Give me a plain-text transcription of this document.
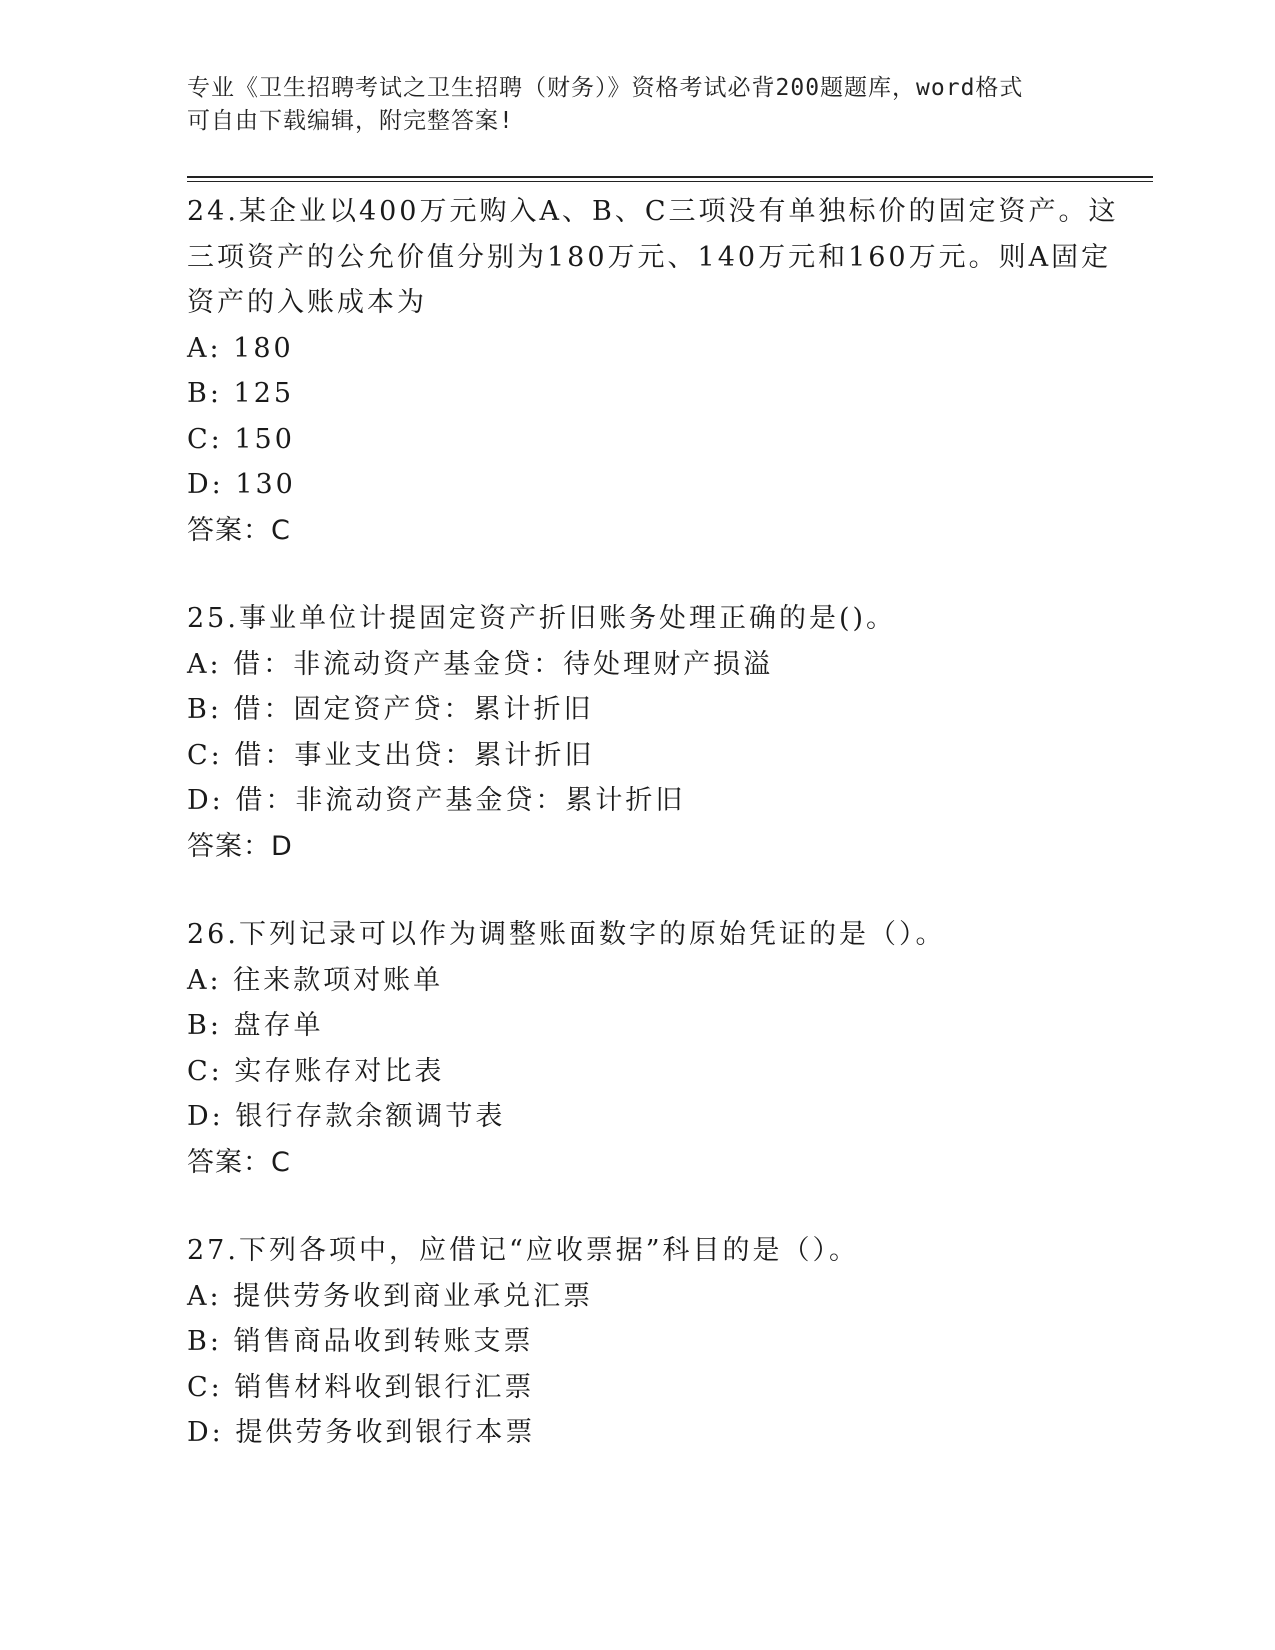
专业《卫生招聘考试之卫生招聘（财务）》资格考试必背200题题库，word格式

可自由下载编辑，附完整答案!

24.某企业以400万元购入A、B、C三项没有单独标价的固定资产。这
三项资产的公允价值分别为180万元、140万元和160万元。则A固定
资产的入账成本为

A: 180

B: 125

C: 150

D: 130

答案：C

25.事业单位计提固定资产折旧账务处理正确的是()。

A: 借：非流动资产基金贷：待处理财产损溢

B: 借：固定资产贷：累计折旧

C: 借：事业支出贷：累计折旧

D: 借：非流动资产基金贷：累计折旧

答案：D

26.下列记录可以作为调整账面数字的原始凭证的是（）。

A: 往来款项对账单

B: 盘存单

C: 实存账存对比表

D: 银行存款余额调节表

答案：C

27.下列各项中，应借记“应收票据”科目的是（）。

A: 提供劳务收到商业承兑汇票

B: 销售商品收到转账支票

C: 销售材料收到银行汇票

D: 提供劳务收到银行本票
